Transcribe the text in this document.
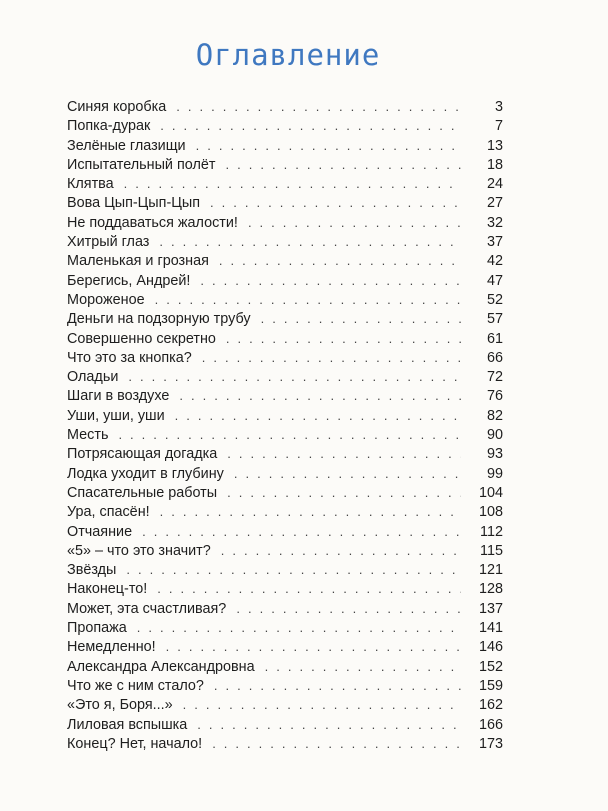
Оглавление
Синяя коробка . . .	3
Попка-дурак . . .	7
Зелёные глазищи . . .	13
Испытательный полёт . . .	18
Клятва . . .	24
Вова Цып-Цып-Цып . . .	27
Не поддаваться жалости! . . .	32
Хитрый глаз . . .	37
Маленькая и грозная . . .	42
Берегись, Андрей! . . .	47
Мороженое . . .	52
Деньги на подзорную трубу . . .	57
Совершенно секретно . . .	61
Что это за кнопка? . . .	66
Оладьи . . .	72
Шаги в воздухе . . .	76
Уши, уши, уши . . .	82
Месть . . .	90
Потрясающая догадка . . .	93
Лодка уходит в глубину . . .	99
Спасательные работы . . .	104
Ура, спасён! . . .	108
Отчаяние . . .	112
«5» – что это значит? . . .	115
Звёзды . . .	121
Наконец-то! . . .	128
Может, эта счастливая? . . .	137
Пропажа . . .	141
Немедленно! . . .	146
Александра Александровна . . .	152
Что же с ним стало? . . .	159
«Это я, Боря...» . . .	162
Лиловая вспышка . . .	166
Конец? Нет, начало! . . .	173
